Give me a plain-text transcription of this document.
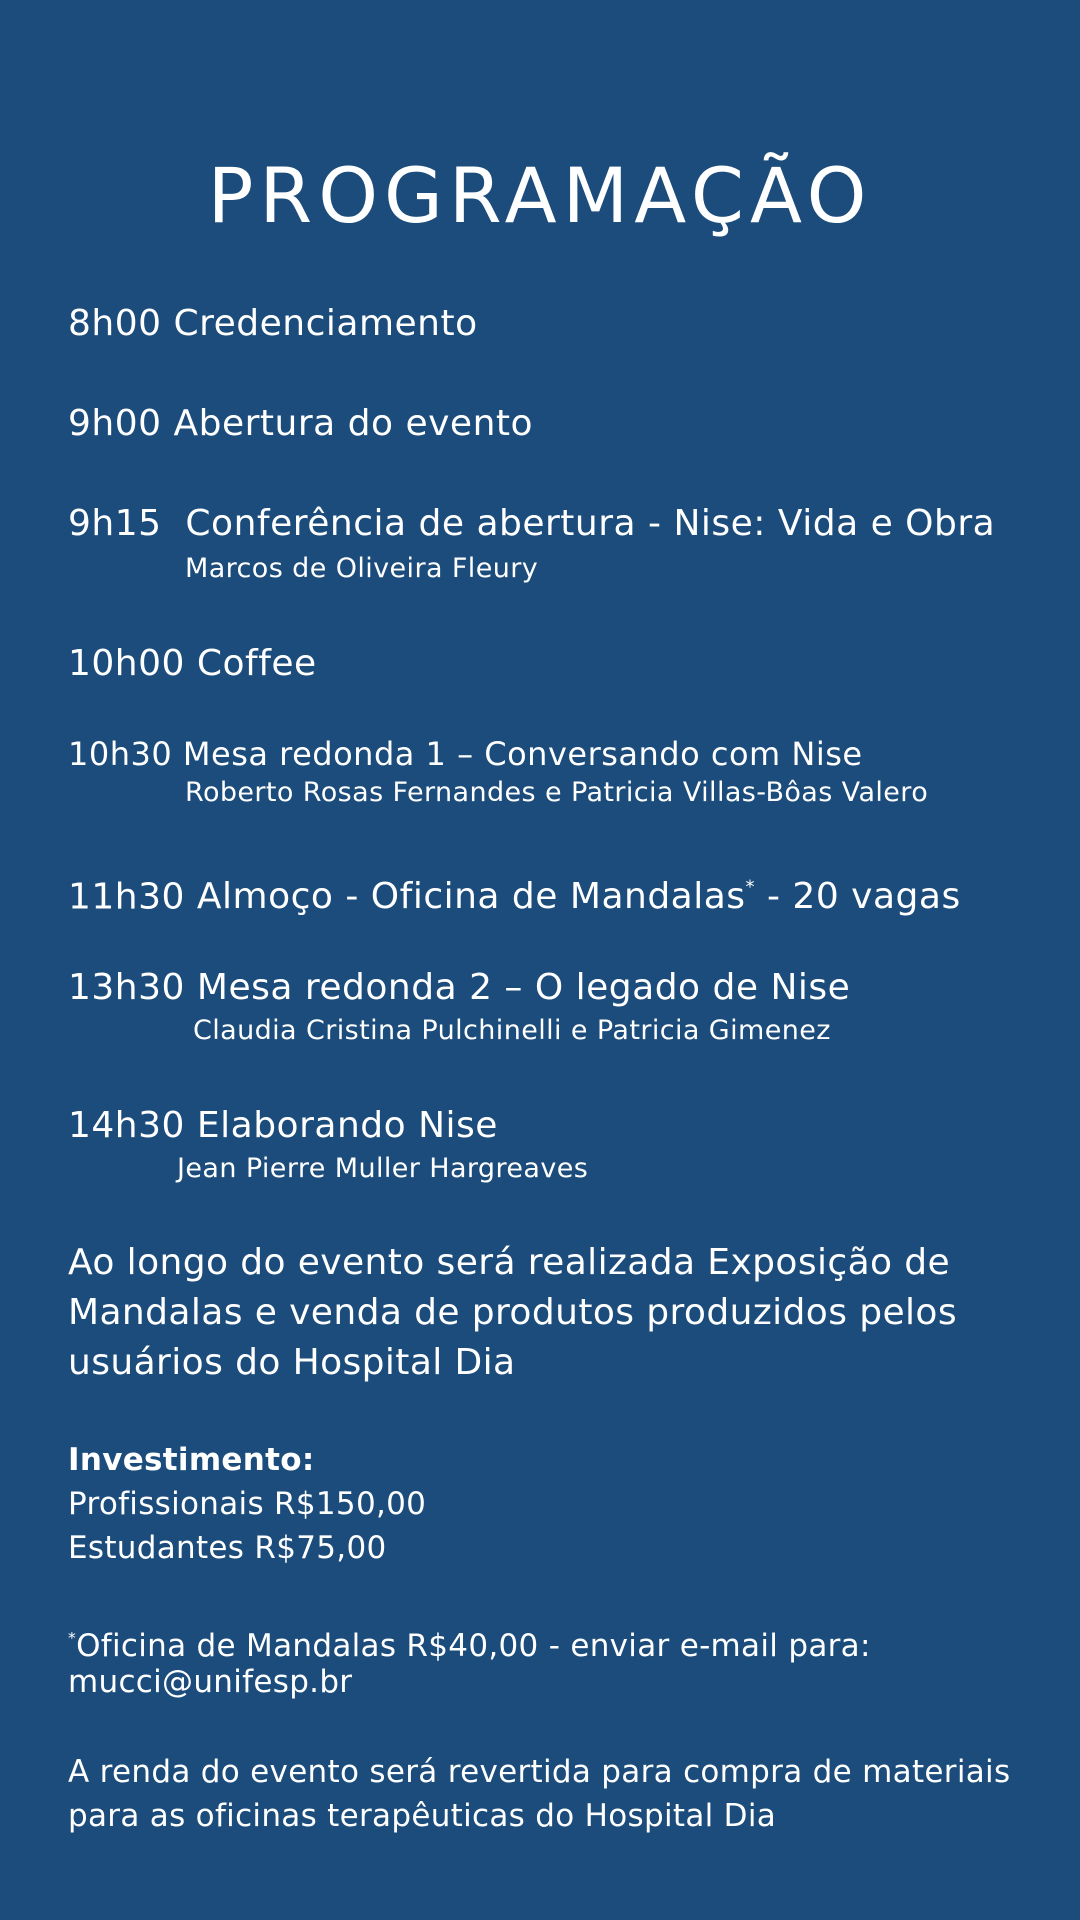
PROGRAMAÇÃO
8h00 Credenciamento
9h00 Abertura do evento
9h15 Conferência de abertura - Nise: Vida e Obra
Marcos de Oliveira Fleury
10h00 Coffee
10h30 Mesa redonda 1 – Conversando com Nise
Roberto Rosas Fernandes e Patricia Villas-Bôas Valero
11h30 Almoço - Oficina de Mandalas* - 20 vagas
13h30 Mesa redonda 2 – O legado de Nise
Claudia Cristina Pulchinelli e Patricia Gimenez
14h30 Elaborando Nise
Jean Pierre Muller Hargreaves
Ao longo do evento será realizada Exposição de Mandalas e venda de produtos produzidos pelos usuários do Hospital Dia
Investimento:
Profissionais R$150,00
Estudantes R$75,00
*Oficina de Mandalas R$40,00 - enviar e-mail para:
mucci@unifesp.br
A renda do evento será revertida para compra de materiais
para as oficinas terapêuticas do Hospital Dia
